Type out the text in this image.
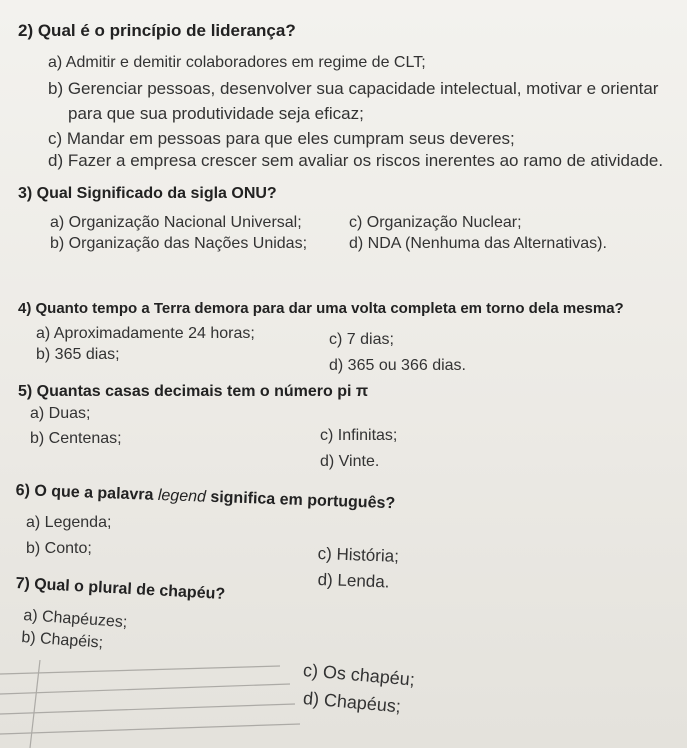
2) Qual é o princípio de liderança?
a) Admitir e demitir colaboradores em regime de CLT;
b) Gerenciar pessoas, desenvolver sua capacidade intelectual, motivar e orientar
para que sua produtividade seja eficaz;
c) Mandar em pessoas para que eles cumpram seus deveres;
d) Fazer a empresa crescer sem avaliar os riscos inerentes ao ramo de atividade.
3) Qual Significado da sigla ONU?
a) Organização Nacional Universal;
b) Organização das Nações Unidas;
c) Organização Nuclear;
d) NDA (Nenhuma das Alternativas).
4) Quanto tempo a Terra demora para dar uma volta completa em torno dela mesma?
a) Aproximadamente 24 horas;
b) 365 dias;
c) 7 dias;
d) 365 ou 366 dias.
5) Quantas casas decimais tem o número pi π
a) Duas;
b) Centenas;	c) Infinitas;
d) Vinte.
6) O que a palavra legend significa em português?
a) Legenda;
b) Conto;	c) História;
d) Lenda.
7) Qual o plural de chapéu?
a) Chapéuzes;
b) Chapéis;
c) Os chapéu;
d) Chapéus;
